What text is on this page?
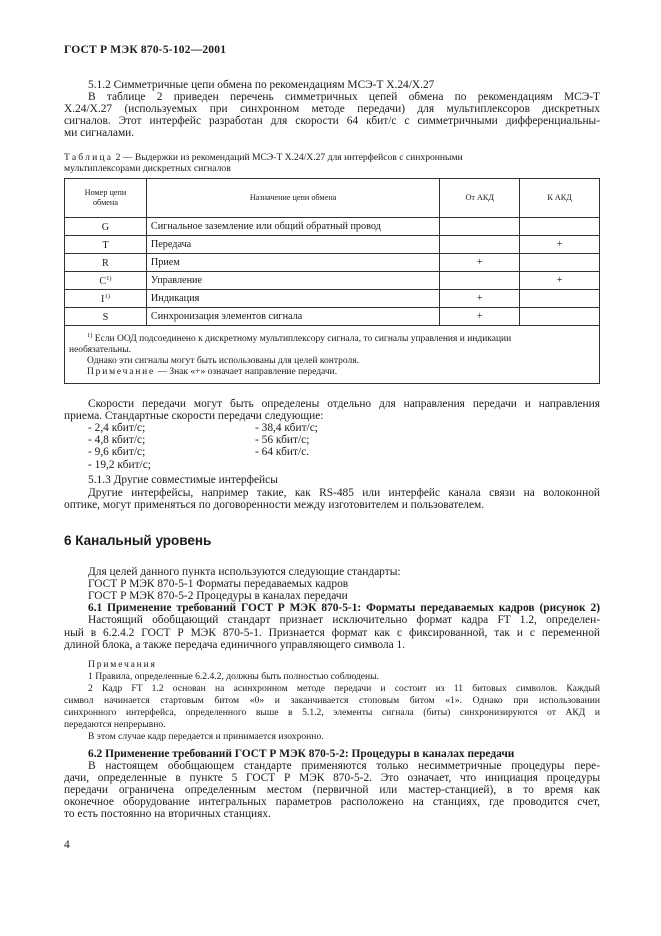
ГОСТ Р МЭК 870-5-102—2001
5.1.2 Симметричные цепи обмена по рекомендациям МСЭ-Т Х.24/Х.27
В таблице 2 приведен перечень симметричных цепей обмена по рекомендациям МСЭ-Т
Х.24/Х.27 (используемых при синхронном методе передачи) для мультиплексоров дискретных
сигналов. Этот интерфейс разработан для скорости 64 кбит/с с симметричными дифференциальны-
ми сигналами.
Таблица 2 — Выдержки из рекомендаций МСЭ-Т Х.24/Х.27 для интерфейсов с синхронными
мультиплексорами дискретных сигналов
Номер цепи обмена	Назначение цепи обмена	От АКД	К АКД
G	Сигнальное заземление или общий обратный провод		
T	Передача		+
R	Прием	+	
$C^{1)}$	Управление		+
$I^{1)}$	Индикация	+	
S	Синхронизация элементов сигнала	+	

$^{1)}$ Если ООД подсоединено к дискретному мультиплексору сигнала, то сигналы управления и индикации
необязательны.
Однако эти сигналы могут быть использованы для целей контроля.
Примечание — Знак «+» означает направление передачи.			
Скорости передачи могут быть определены отдельно для направления передачи и направления
приема. Стандартные скорости передачи следующие:
- 2,4 кбит/с;	- 38,4 кбит/с;
- 4,8 кбит/с;	- 56 кбит/с;
- 9,6 кбит/с;	- 64 кбит/с.
- 19,2 кбит/с;
5.1.3 Другие совместимые интерфейсы
Другие интерфейсы, например такие, как RS-485 или интерфейс канала связи на волоконной
оптике, могут применяться по договоренности между изготовителем и пользователем.
6 Канальный уровень
Для целей данного пункта используются следующие стандарты:
ГОСТ Р МЭК 870-5-1 Форматы передаваемых кадров
ГОСТ Р МЭК 870-5-2 Процедуры в каналах передачи
6.1 Применение требований ГОСТ Р МЭК 870-5-1: Форматы передаваемых кадров (рисунок 2)
Настоящий обобщающий стандарт признает исключительно формат кадра FT 1.2, определен-
ный в 6.2.4.2 ГОСТ Р МЭК 870-5-1. Признается формат как с фиксированной, так и с переменной
длиной блока, а также передача единичного управляющего символа 1.
Примечания
1 Правила, определенные 6.2.4.2, должны быть полностью соблюдены.
2 Кадр FT 1.2 основан на асинхронном методе передачи и состоит из 11 битовых символов. Каждый
символ начинается стартовым битом «0» и заканчивается стоповым битом «1». Однако при использовании
синхронного интерфейса, определенного выше в 5.1.2, элементы сигнала (биты) синхронизируются от АКД и
передаются непрерывно.
В этом случае кадр передается и принимается изохронно.
6.2 Применение требований ГОСТ Р МЭК 870-5-2: Процедуры в каналах передачи
В настоящем обобщающем стандарте применяются только несимметричные процедуры пере-
дачи, определенные в пункте 5 ГОСТ Р МЭК 870-5-2. Это означает, что инициация процедуры
передачи ограничена определенным местом (первичной или мастер-станцией), в то время как
оконечное оборудование интегральных параметров расположено на станциях, где проводится счет,
то есть постоянно на вторичных станциях.
4
